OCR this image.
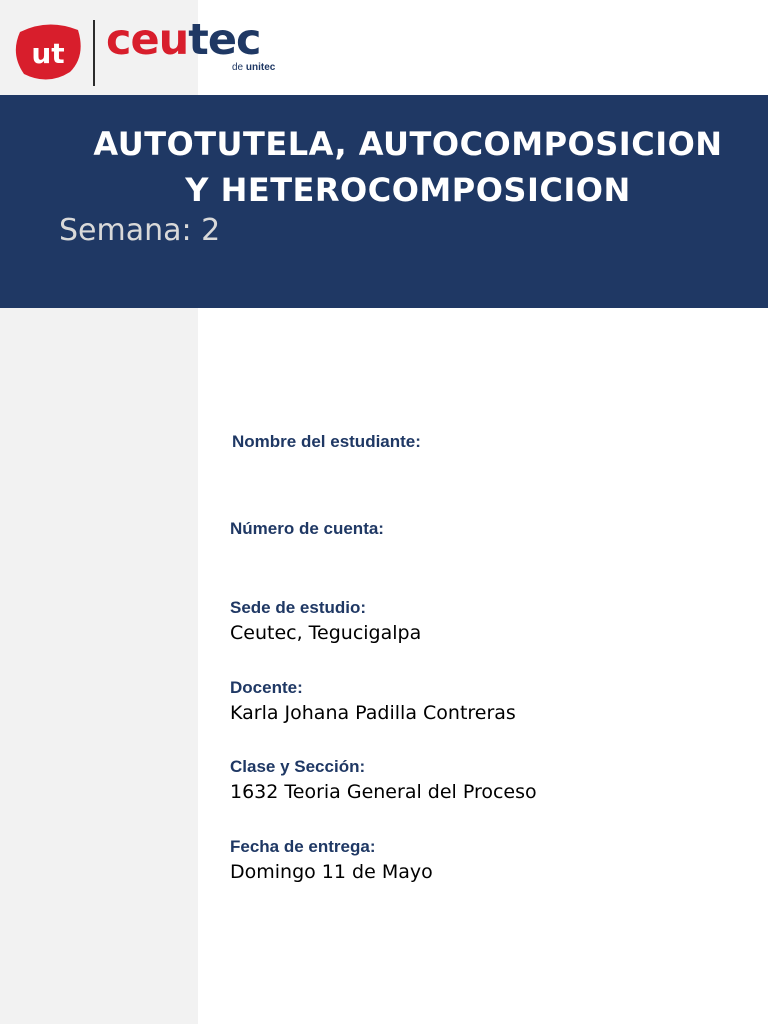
ut ceutec
de unitec
AUTOTUTELA, AUTOCOMPOSICION
Y HETEROCOMPOSICION
Semana: 2
Nombre del estudiante:
Número de cuenta:
Sede de estudio:
Ceutec, Tegucigalpa
Docente:
Karla Johana Padilla Contreras
Clase y Sección:
1632 Teoria General del Proceso
Fecha de entrega:
Domingo 11 de Mayo
